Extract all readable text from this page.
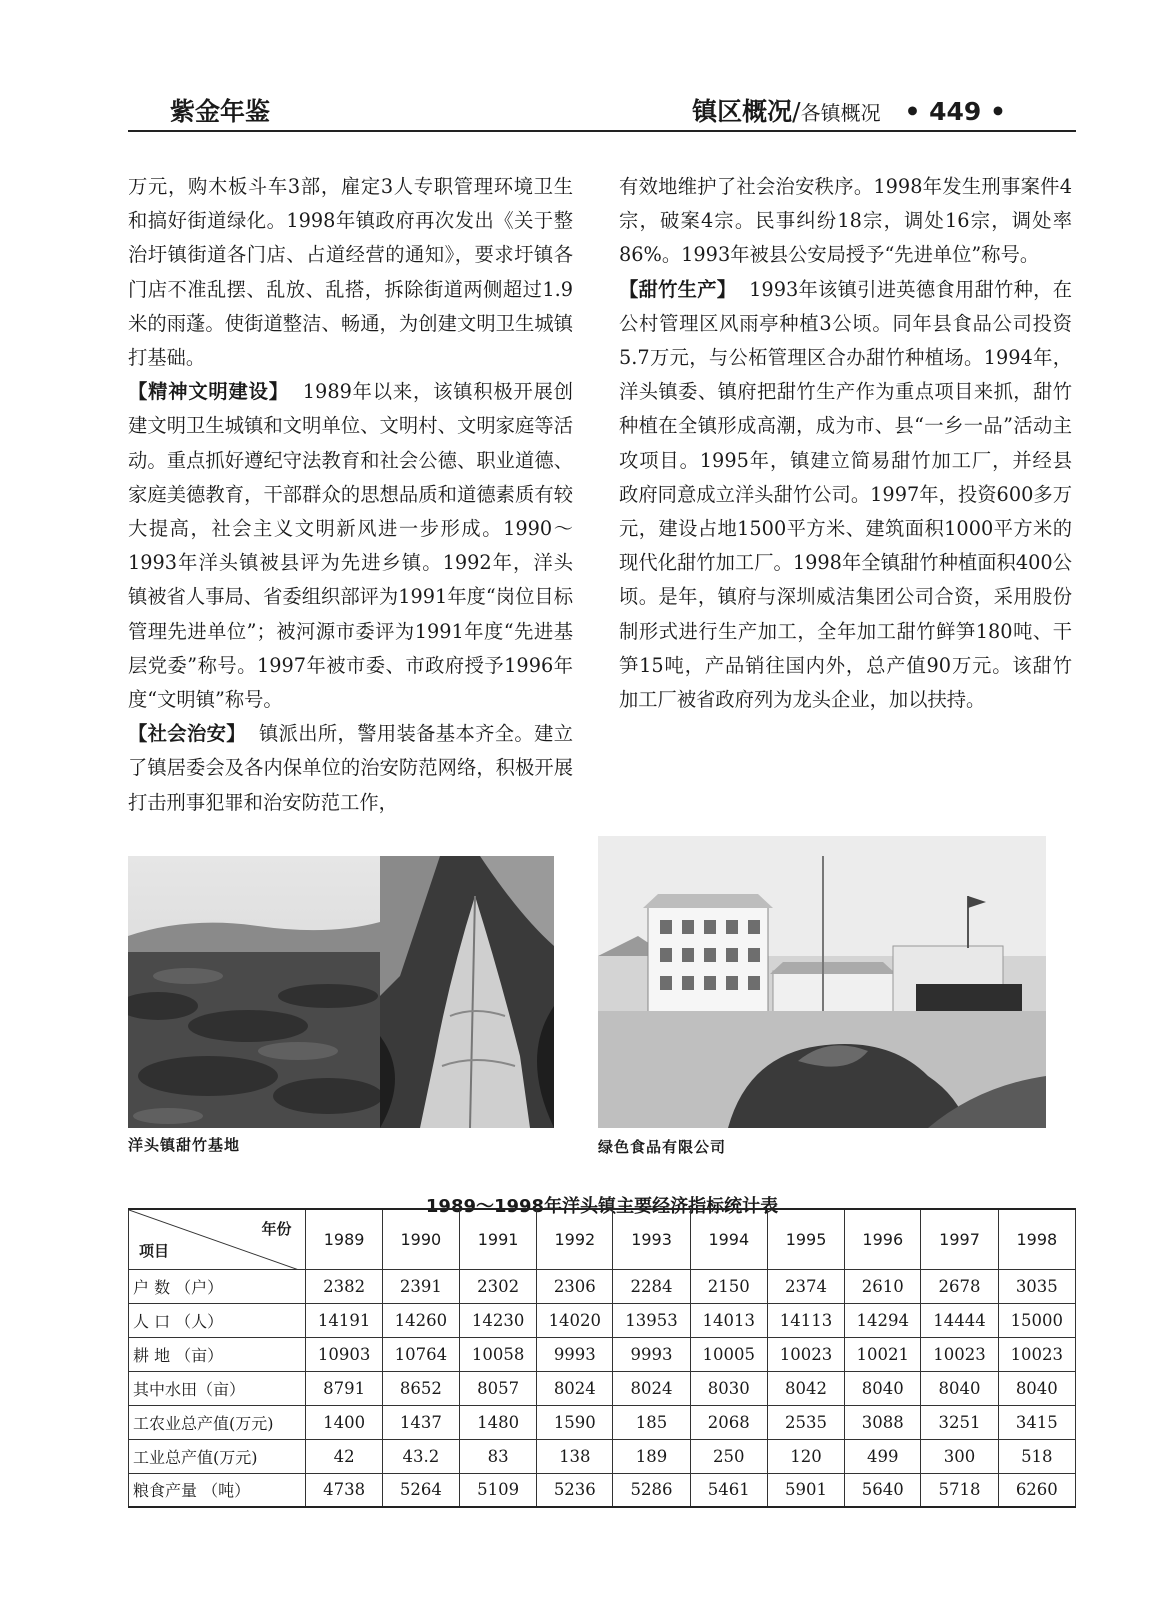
紫金年鉴	镇区概况/各镇概况 • 449 •

万元，购木板斗车3部，雇定3人专职管理环境卫生和搞好街道绿化。1998年镇政府再次发出《关于整治圩镇街道各门店、占道经营的通知》，要求圩镇各门店不准乱摆、乱放、乱搭，拆除街道两侧超过1.9米的雨蓬。使街道整洁、畅通，为创建文明卫生城镇打基础。

【精神文明建设】 1989年以来，该镇积极开展创建文明卫生城镇和文明单位、文明村、文明家庭等活动。重点抓好遵纪守法教育和社会公德、职业道德、家庭美德教育，干部群众的思想品质和道德素质有较大提高，社会主义文明新风进一步形成。1990～1993年洋头镇被县评为先进乡镇。1992年，洋头镇被省人事局、省委组织部评为1991年度“岗位目标管理先进单位”；被河源市委评为1991年度“先进基层党委”称号。1997年被市委、市政府授予1996年度“文明镇”称号。

【社会治安】 镇派出所，警用装备基本齐全。建立了镇居委会及各内保单位的治安防范网络，积极开展打击刑事犯罪和治安防范工作，

有效地维护了社会治安秩序。1998年发生刑事案件4宗，破案4宗。民事纠纷18宗，调处16宗，调处率86%。1993年被县公安局授予“先进单位”称号。

【甜竹生产】 1993年该镇引进英德食用甜竹种，在公村管理区风雨亭种植3公顷。同年县食品公司投资5.7万元，与公柘管理区合办甜竹种植场。1994年，洋头镇委、镇府把甜竹生产作为重点项目来抓，甜竹种植在全镇形成高潮，成为市、县“一乡一品”活动主攻项目。1995年，镇建立简易甜竹加工厂，并经县政府同意成立洋头甜竹公司。1997年，投资600多万元，建设占地1500平方米、建筑面积1000平方米的现代化甜竹加工厂。1998年全镇甜竹种植面积400公顷。是年，镇府与深圳威洁集团公司合资，采用股份制形式进行生产加工，全年加工甜竹鲜笋180吨、干笋15吨，产品销往国内外，总产值90万元。该甜竹加工厂被省政府列为龙头企业，加以扶持。

洋头镇甜竹基地	绿色食品有限公司
1989～1998年洋头镇主要经济指标统计表
年份
项目	1989	1990	1991	1992	1993	1994	1995	1996	1997	1998
户 数 （户）	2382	2391	2302	2306	2284	2150	2374	2610	2678	3035
人 口 （人）	14191	14260	14230	14020	13953	14013	14113	14294	14444	15000
耕 地 （亩）	10903	10764	10058	9993	9993	10005	10023	10021	10023	10023
其中水田（亩）	8791	8652	8057	8024	8024	8030	8042	8040	8040	8040
工农业总产值(万元)	1400	1437	1480	1590	185	2068	2535	3088	3251	3415
工业总产值(万元)	42	43.2	83	138	189	250	120	499	300	518
粮食产量 （吨）	4738	5264	5109	5236	5286	5461	5901	5640	5718	6260
